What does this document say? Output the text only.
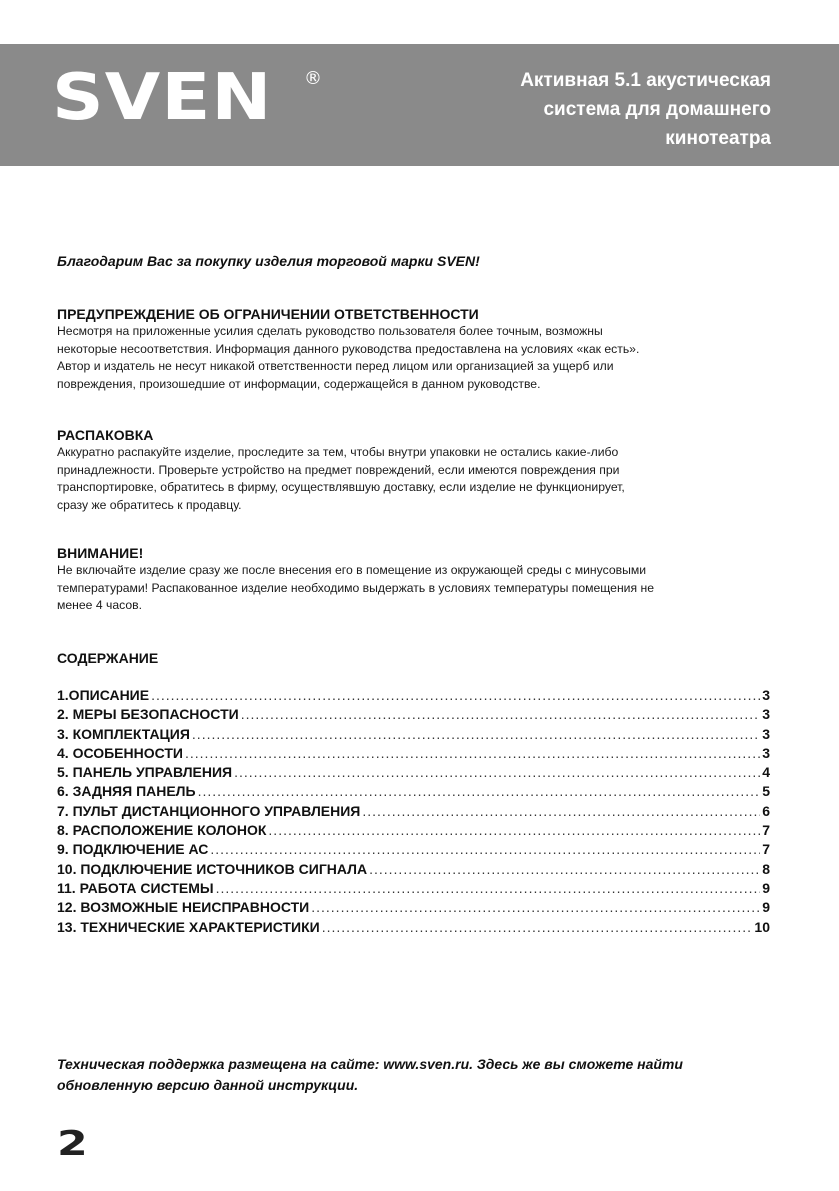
SVEN ®	Активная 5.1 акустическая
система для домашнего
кинотеатра
Благодарим Вас за покупку изделия торговой марки SVEN!
ПРЕДУПРЕЖДЕНИЕ ОБ ОГРАНИЧЕНИИ ОТВЕТСТВЕННОСТИ

Несмотря на приложенные усилия сделать руководство пользователя более точным, возможны

некоторые несоответствия. Информация данного руководства предоставлена на условиях «как есть».

Автор и издатель не несут никакой ответственности перед лицом или организацией за ущерб или

повреждения, произошедшие от информации, содержащейся в данном руководстве.

РАСПАКОВКА

Аккуратно распакуйте изделие, проследите за тем, чтобы внутри упаковки не остались какие-либо

принадлежности. Проверьте устройство на предмет повреждений, если имеются повреждения при

транспортировке, обратитесь в фирму, осуществлявшую доставку, если изделие не функционирует,

сразу же обратитесь к продавцу.

ВНИМАНИЕ!

Не включайте изделие сразу же после внесения его в помещение из окружающей среды с минусовыми

температурами! Распакованное изделие необходимо выдержать в условиях температуры помещения не

менее 4 часов.

СОДЕРЖАНИЕ
1.ОПИСАНИЕ .....	3
2. МЕРЫ БЕЗОПАСНОСТИ .....	3
3. КОМПЛЕКТАЦИЯ .....	3
4. ОСОБЕННОСТИ .....	3
5. ПАНЕЛЬ УПРАВЛЕНИЯ .....	4
6. ЗАДНЯЯ ПАНЕЛЬ .....	5
7. ПУЛЬТ ДИСТАНЦИОННОГО УПРАВЛЕНИЯ .....	6
8. РАСПОЛОЖЕНИЕ КОЛОНОК .....	7
9. ПОДКЛЮЧЕНИЕ АС .....	7
10. ПОДКЛЮЧЕНИЕ ИСТОЧНИКОВ СИГНАЛА .....	8
11. РАБОТА СИСТЕМЫ .....	9
12. ВОЗМОЖНЫЕ НЕИСПРАВНОСТИ .....	9
13. ТЕХНИЧЕСКИЕ ХАРАКТЕРИСТИКИ .....	10
Техническая поддержка размещена на сайте: www.sven.ru. Здесь же вы сможете найти обновленную версию данной инструкции.
2
